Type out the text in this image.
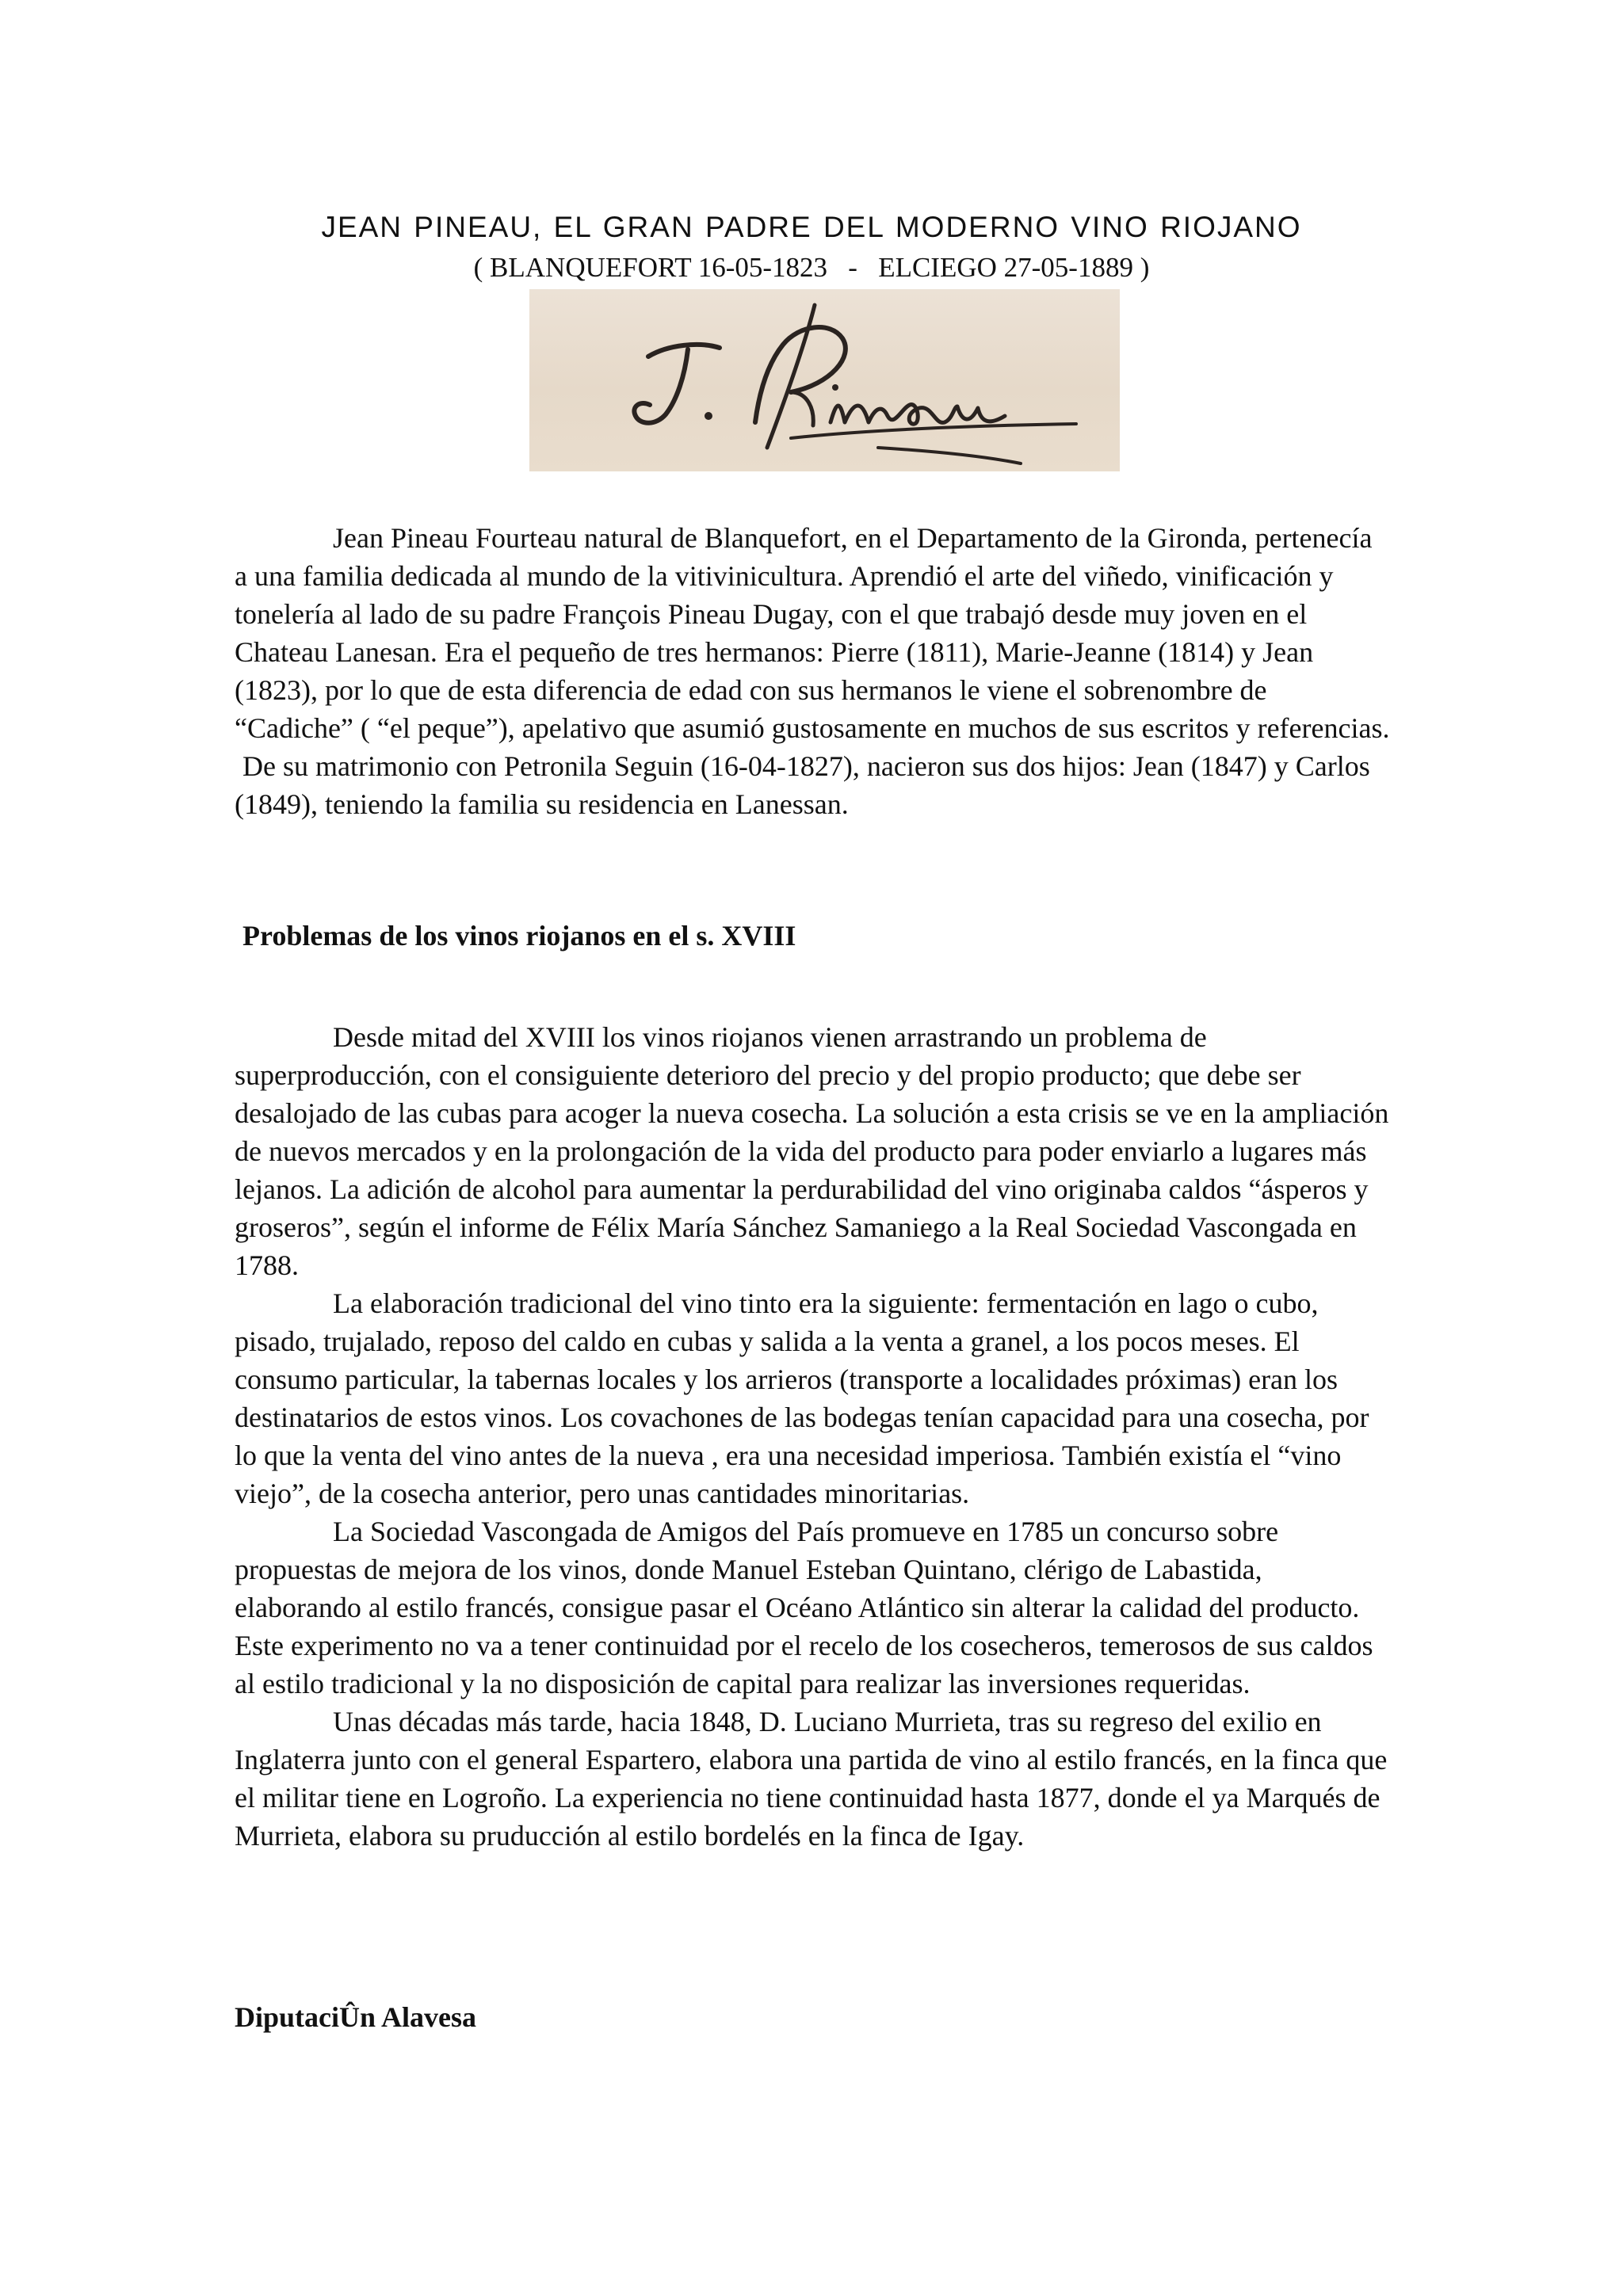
JEAN PINEAU, EL GRAN PADRE DEL MODERNO VINO RIOJANO

( BLANQUEFORT 16-05-1823   -   ELCIEGO 27-05-1889 )

Jean Pineau Fourteau natural de Blanquefort, en el Departamento de la Gironda, pertenecía a una familia dedicada al mundo de la vitivinicultura. Aprendió el arte del viñedo, vinificación y tonelería al lado de su padre François Pineau Dugay, con el que trabajó desde muy joven en el Chateau Lanesan. Era el pequeño de tres hermanos: Pierre (1811), Marie-Jeanne (1814) y Jean (1823), por lo que de esta diferencia de edad con sus hermanos le viene el sobrenombre de “Cadiche” ( “el peque”), apelativo que asumió gustosamente en muchos de sus escritos y referencias.

De su matrimonio con Petronila Seguin (16-04-1827), nacieron sus dos hijos: Jean (1847) y Carlos (1849), teniendo la familia su residencia en Lanessan.

Problemas de los vinos riojanos en el s. XVIII

Desde mitad del XVIII los vinos riojanos vienen arrastrando un problema de superproducción, con el consiguiente deterioro del precio y del propio producto; que debe ser desalojado de las cubas para acoger la nueva cosecha. La solución a esta crisis se ve en la ampliación de nuevos mercados y en la prolongación de la vida del producto para poder enviarlo a lugares más lejanos. La adición de alcohol para aumentar la perdurabilidad del vino originaba caldos “ásperos y groseros”, según el informe de Félix María Sánchez Samaniego a la Real Sociedad Vascongada en 1788.

La elaboración tradicional del vino tinto era la siguiente: fermentación en lago o cubo, pisado, trujalado, reposo del caldo en cubas y salida a la venta a granel, a los pocos meses. El consumo particular, la tabernas locales y los arrieros (transporte a localidades próximas) eran los destinatarios de estos vinos. Los covachones de las bodegas tenían capacidad para una cosecha, por lo que la venta del vino antes de la nueva , era una necesidad imperiosa. También existía el “vino viejo”, de la cosecha anterior, pero unas cantidades minoritarias.

La Sociedad Vascongada de Amigos del País promueve en 1785 un concurso sobre propuestas de mejora de los vinos, donde Manuel Esteban Quintano, clérigo de Labastida, elaborando al estilo francés, consigue pasar el Océano Atlántico sin alterar la calidad del producto. Este experimento no va a tener continuidad por el recelo de los cosecheros, temerosos de sus caldos al estilo tradicional y la no disposición de capital para realizar las inversiones requeridas.

Unas décadas más tarde, hacia 1848, D. Luciano Murrieta, tras su regreso del exilio en Inglaterra junto con el general Espartero, elabora una partida de vino al estilo francés, en la finca que el militar tiene en Logroño. La experiencia no tiene continuidad hasta 1877, donde el ya Marqués de Murrieta, elabora su pruducción al estilo bordelés en la finca de Igay.

DiputaciÛn Alavesa
